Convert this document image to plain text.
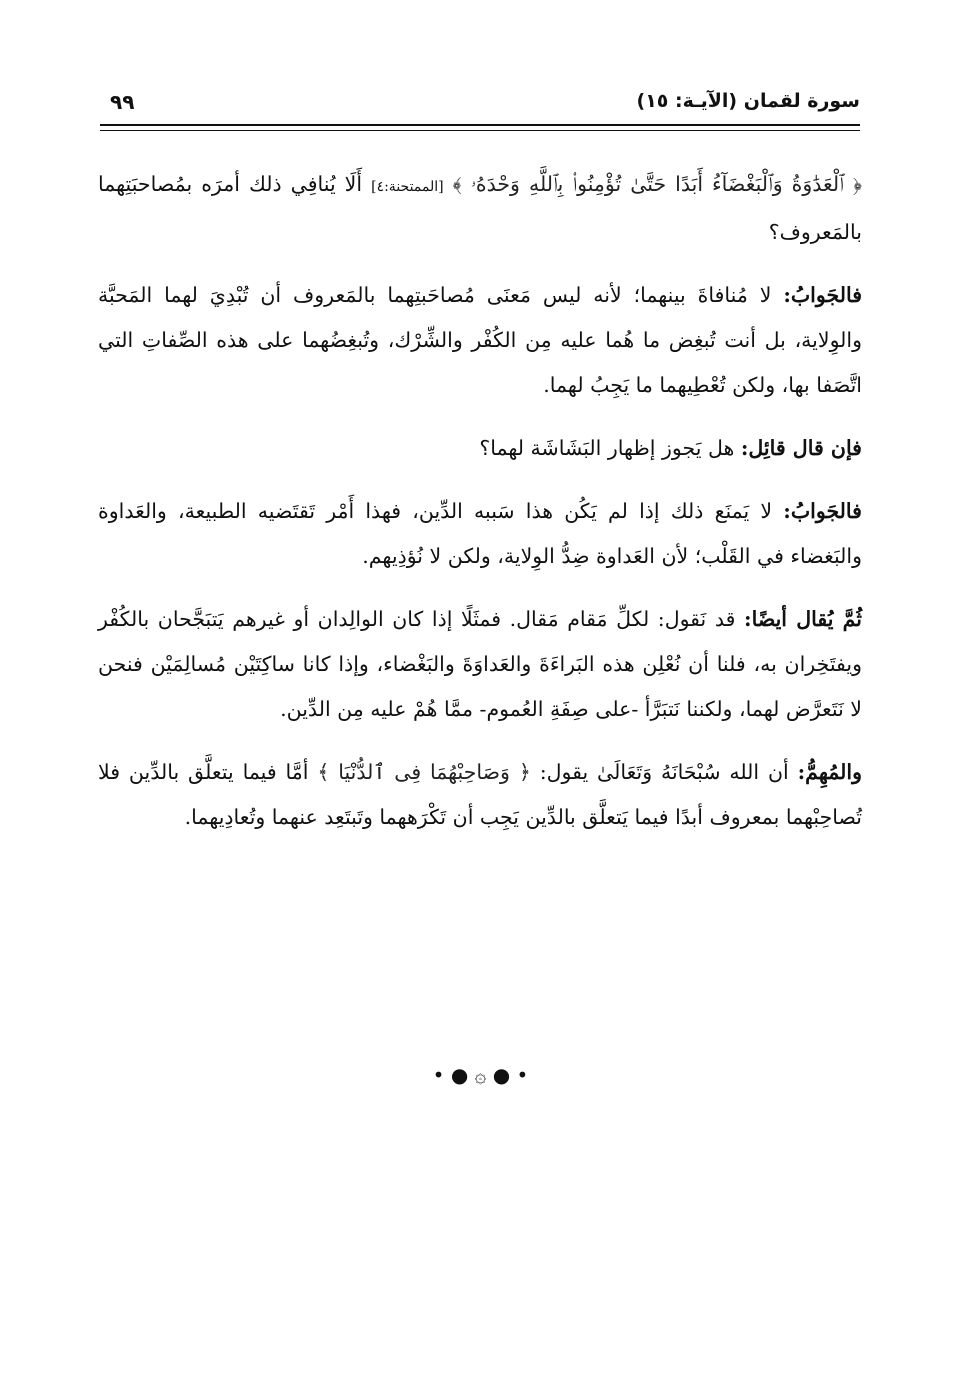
سورة لقمان (الآيـة: ١٥)
٩٩

﴿ ٱلْعَدَٰوَةُ وَٱلْبَغْضَآءُ أَبَدًا حَتَّىٰ تُؤْمِنُوا۟ بِٱللَّهِ وَحْدَهُۥ ﴾ [الممتحنة:٤] أَلَا يُنافِي ذلك أمرَه بمُصاحبَتِهما بالمَعروف؟

فالجَوابُ: لا مُنافاةَ بينهما؛ لأنه ليس مَعنَى مُصاحَبتِهما بالمَعروف أن تُبْدِيَ لهما المَحبَّة والوِلاية، بل أنت تُبغِض ما هُما عليه مِن الكُفْر والشِّرْك، وتُبغِضُهما على هذه الصِّفاتِ التي اتَّصَفا بها، ولكن تُعْطِيهما ما يَجِبُ لهما.

فإن قال قائِل: هل يَجوز إظهار البَشَاشَة لهما؟

فالجَوابُ: لا يَمنَع ذلك إذا لم يَكُن هذا سَببه الدِّين، فهذا أَمْر تَقتَضيه الطبيعة، والعَداوة والبَغضاء في القَلْب؛ لأن العَداوة ضِدُّ الوِلاية، ولكن لا نُؤذِيهم.

ثُمَّ يُقال أيضًا: قد نَقول: لكلِّ مَقام مَقال. فمثَلًا إذا كان الوالِدان أو غيرهم يَتبَجَّحان بالكُفْر ويفتَخِران به، فلنا أن نُعْلِن هذه البَراءَةَ والعَداوَةَ والبَغْضاء، وإذا كانا ساكِتَيْن مُسالِمَيْن فنحن لا نَتَعرَّض لهما، ولكننا نَتبَرَّأ -على صِفَةِ العُموم- ممَّا هُمْ عليه مِن الدِّين.

والمُهِمُّ: أن الله سُبْحَانَهُ وَتَعَالَىٰ يقول: ﴿ وَصَاحِبْهُمَا فِى ٱلدُّنْيَا ﴾ أمَّا فيما يتعلَّق بالدِّين فلا تُصاحِبْهما بمعروف أبدًا فيما يَتعلَّق بالدِّين يَجِب أن تَكْرَههما وتَبتَعِد عنهما وتُعادِيهما.

• ● ۞ ● •
